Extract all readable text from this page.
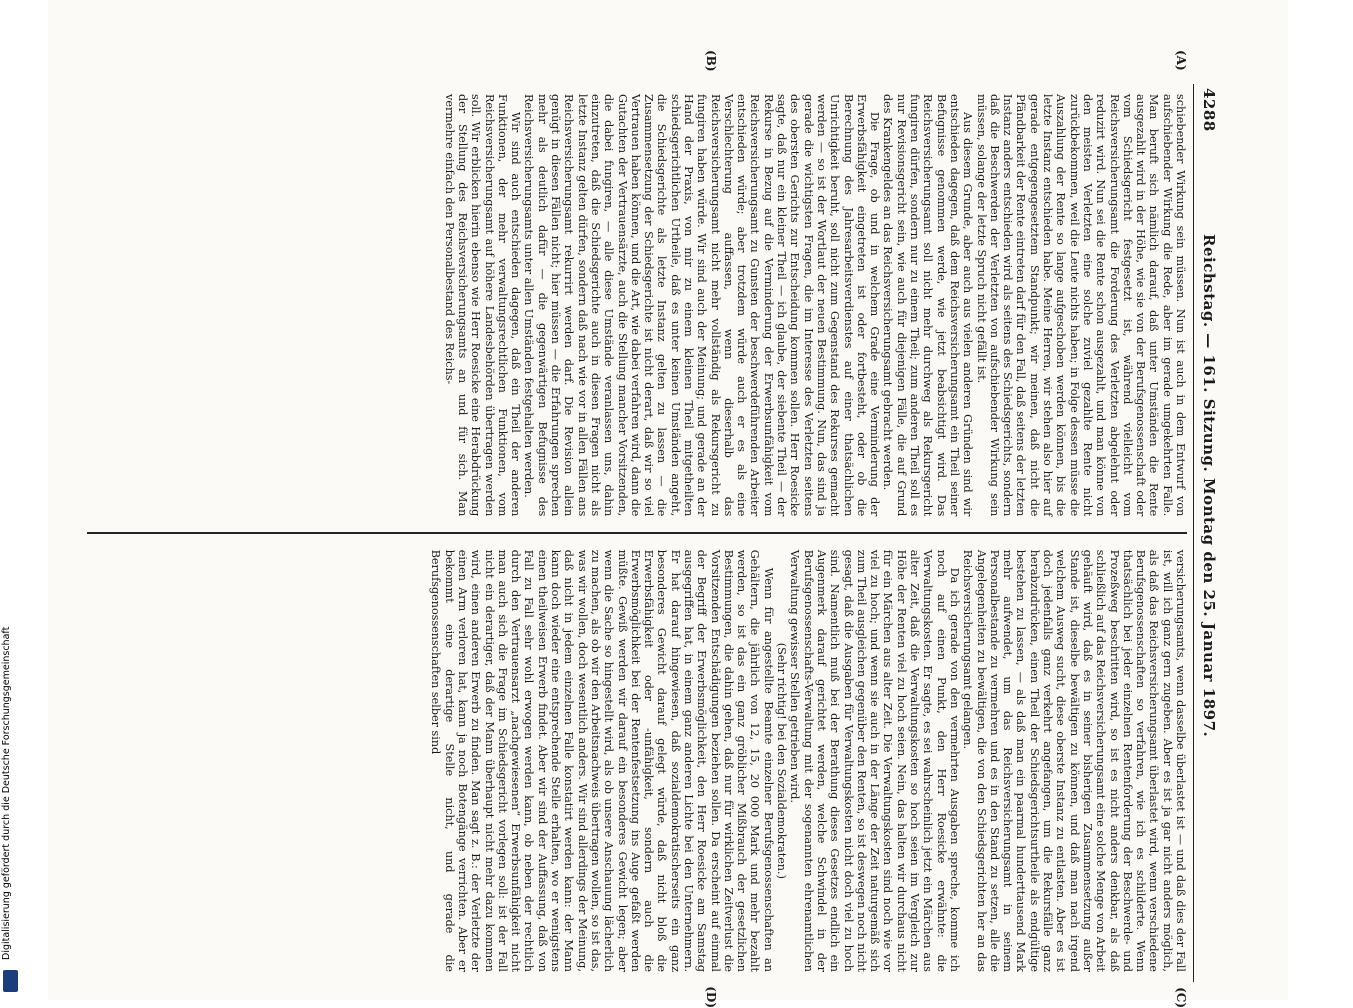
4288
Reichstag. — 161. Sitzung. Montag den 25. Januar 1897.
(A)
(B)

schiebender Wirkung sein müssen. Nun ist auch in dem Entwurf von aufschiebender Wirkung die Rede, aber im gerade umgekehrten Falle. Man beruft sich nämlich darauf, daß unter Umständen die Rente ausgezahlt wird in der Höhe, wie sie von der Berufsgenossenschaft oder vom Schiedsgericht festgesetzt ist, während vielleicht vom Reichsversicherungsamt die Forderung des Verletzten abgelehnt oder reduzirt wird. Nun sei die Rente schon ausgezahlt, und man könne von den meisten Verletzten eine solche zuviel gezahlte Rente nicht zurückbekommen, weil die Leute nichts haben; in Folge dessen müsse die Auszahlung der Rente so lange aufgeschoben werden können, bis die letzte Instanz entschieden habe. Meine Herren, wir stehen also hier auf gerade entgegengesetztem Standpunkt; wir meinen, daß nicht die Pfändbarkeit der Rente eintreten darf für den Fall, daß seitens der letzten Instanz anders entschieden wird als seitens des Schiedsgerichts, sondern daß die Beschwerden der Verletzten von aufschiebender Wirkung sein müssen, solange der letzte Spruch nicht gefällt ist.

Aus diesem Grunde, aber auch aus vielen anderen Gründen sind wir entschieden dagegen, daß dem Reichsversicherungsamt ein Theil seiner Befugnisse genommen werde, wie jetzt beabsichtigt wird. Das Reichsversicherungsamt soll nicht mehr durchweg als Rekursgericht fungiren dürfen, sondern nur zu einem Theil; zum anderen Theil soll es nur Revisionsgericht sein, wie auch für diejenigen Fälle, die auf Grund des Krankengeldes an das Reichsversicherungsamt gebracht werden.

Die Frage, ob und in welchem Grade eine Verminderung der Erwerbsfähigkeit eingetreten ist oder fortbesteht, oder ob die Berechnung des Jahresarbeitsverdienstes auf einer thatsächlichen Unrichtigkeit beruht, soll nicht zum Gegenstand des Rekurses gemacht werden — so ist der Wortlaut der neuen Bestimmung. Nun, das sind ja gerade die wichtigsten Fragen, die im Interesse des Verletzten seitens des obersten Gerichts zur Entscheidung kommen sollen. Herr Roesicke sagte, daß nur ein kleiner Theil — ich glaube, der siebente Theil — der Rekurse in Bezug auf die Verminderung der Erwerbsunfähigkeit vom Reichsversicherungsamt zu Gunsten der beschwerdeführenden Arbeiter entschieden würde; aber trotzdem würde auch er es als eine Verschlechterung auffassen, wenn dieserhalb das Reichsversicherungsamt nicht mehr vollständig als Rekursgericht zu fungiren haben würde. Wir sind auch der Meinung; und gerade an der Hand der Praxis, von mir zu einem kleinen Theil mitgetheilten schiedsgerichtlichen Urtheile, daß es unter keinen Umständen angeht, die Schiedsgerichte als letzte Instanz gelten zu lassen — die Zusammensetzung der Schiedsgerichte ist nicht derart, daß wir so viel Vertrauen haben können, und die Art, wie dabei verfahren wird, dann die Gutachten der Vertrauensärzte, auch die Stellung mancher Vorsitzenden, die dabei fungiren, — alle diese Umstände veranlassen uns, dahin einzutreten, daß die Schiedsgerichte auch in diesen Fragen nicht als letzte Instanz gelten dürfen, sondern daß nach wie vor in allen Fällen ans Reichsversicherungsamt rekurrirt werden darf. Die Revision allein genügt in diesen Fällen nicht; hier müssen — die Erfahrungen sprechen mehr als deutlich dafür — die gegenwärtigen Befugnisse des Reichsversicherungsamts unter allen Umständen festgehalten werden.

Wir sind auch entschieden dagegen, daß ein Theil der anderen Funktionen, der mehr verwaltungsrechtlichen Funktionen, vom Reichsversicherungsamt auf höhere Landesbehörden übertragen werden soll. Wir erblicken hierin ebenso wie Herr Roesicke eine Herabdrückung der Stellung des Reichsversicherungsamts an und für sich. Man vermehre einfach den Personalbestand des Reichs-

(C)
(D)

versicherungsamts, wenn dasselbe überlastet ist — und daß dies der Fall ist, will ich ganz gern zugeben. Aber es ist ja gar nicht anders möglich, als daß das Reichsversicherungsamt überlastet wird, wenn verschiedene Berufsgenossenschaften so verfahren, wie ich es schilderte. Wenn thatsächlich bei jeder einzelnen Rentenforderung der Beschwerde- und Prozeßweg beschritten wird, so ist es nicht anders denkbar, als daß schließlich auf das Reichsversicherungsamt eine solche Menge von Arbeit gehäuft wird, daß es in seiner bisherigen Zusammensetzung außer Stande ist, dieselbe bewältigen zu können, und daß man nach irgend welchem Ausweg sucht, diese oberste Instanz zu entlasten. Aber es ist doch jedenfalls ganz verkehrt angefangen, um die Rekursfälle ganz herabzudrücken, einen Theil der Schiedsgerichtsurtheile als endgültige bestehen zu lassen, — als daß man ein paarmal hunderttausend Mark mehr aufwendet, um das Reichsversicherungsamt in seinem Personalbestande zu vermehren und es in den Stand zu setzen, alle die Angelegenheiten zu bewältigen, die von den Schiedsgerichten her an das Reichsversicherungsamt gelangen.

Da ich gerade von den vermehrten Ausgaben spreche, komme ich noch auf einen Punkt, den Herr Roesicke erwähnte: die Verwaltungskosten. Er sagte, es sei wahrscheinlich jetzt ein Märchen aus alter Zeit, daß die Verwaltungskosten so hoch seien im Vergleich zur Höhe der Renten viel zu hoch seien. Nein, das halten wir durchaus nicht für ein Märchen aus alter Zeit. Die Verwaltungskosten sind noch wie vor viel zu hoch; und wenn sie auch in der Länge der Zeit naturgemäß sich zum Theil ausgleichen gegenüber den Renten, so ist deswegen noch nicht gesagt, daß die Ausgaben für Verwaltungskosten nicht doch viel zu hoch sind. Namentlich muß bei der Berathung dieses Gesetzes endlich ein Augenmerk darauf gerichtet werden, welche Schwindel in der Berufsgenossenschafts-Verwaltung mit der sogenannten ehrenamtlichen Verwaltung gewisser Stellen getrieben wird.

(Sehr richtig! bei den Sozialdemokraten.)

Wenn für angestellte Beamte einzelner Berufsgenossenschaften an Gehältern, die jährlich von 12, 15, 20 000 Mark und mehr bezahlt werden, so ist das ein ganz gröblicher Mißbrauch der gesetzlichen Bestimmungen, die dahin gehen, daß nur für wirklichen Zeitverlust die Vorsitzenden Entschädigungen beziehen sollen. Da erscheint auf einmal der Begriff der Erwerbsmöglichkeit, den Herr Roesicke am Samstag ausgegriffen hat, in einem ganz anderen Lichte bei den Unternehmern. Er hat darauf hingewiesen, daß sozialdemokratischerseits ein ganz besonderes Gewicht darauf gelegt würde, daß nicht bloß die Erwerbsfähigkeit oder -unfähigkeit, sondern auch die Erwerbsmöglichkeit bei der Rentenfestsetzung ins Auge gefaßt werden müßte. Gewiß werden wir darauf ein besonderes Gewicht legen; aber wenn die Sache so hingestellt wird, als ob unsere Anschauung lächerlich zu machen, als ob wir den Arbeitsnachweis übertragen wollen, so ist das, was wir wollen, doch wesentlich anders. Wir sind allerdings der Meinung, daß nicht in jedem einzelnen Falle konstatirt werden kann: der Mann kann doch wieder eine entsprechende Stelle erhalten, wo er wenigstens einen theilweisen Erwerb findet. Aber wir sind der Auffassung, daß von Fall zu Fall sehr wohl erwogen werden kann, ob neben der rechtlich durch den Vertrauensarzt „nachgewiesenen“ Erwerbsunfähigkeit nicht man auch sich die Frage im Schiedsgericht vorlegen soll: ist der Fall nicht ein derartiger, daß der Mann überhaupt nicht mehr dazu kommen wird, einen anderen Erwerb zu finden. Man sagt z. B.: der Verletzte der einen Arm verloren hat, kann ja noch Botengänge verrichten. Aber er bekommt eine derartige Stelle nicht, und gerade die Berufsgenossenschaften selber sind

Digitalisierung gefördert durch die Deutsche Forschungsgemeinschaft
